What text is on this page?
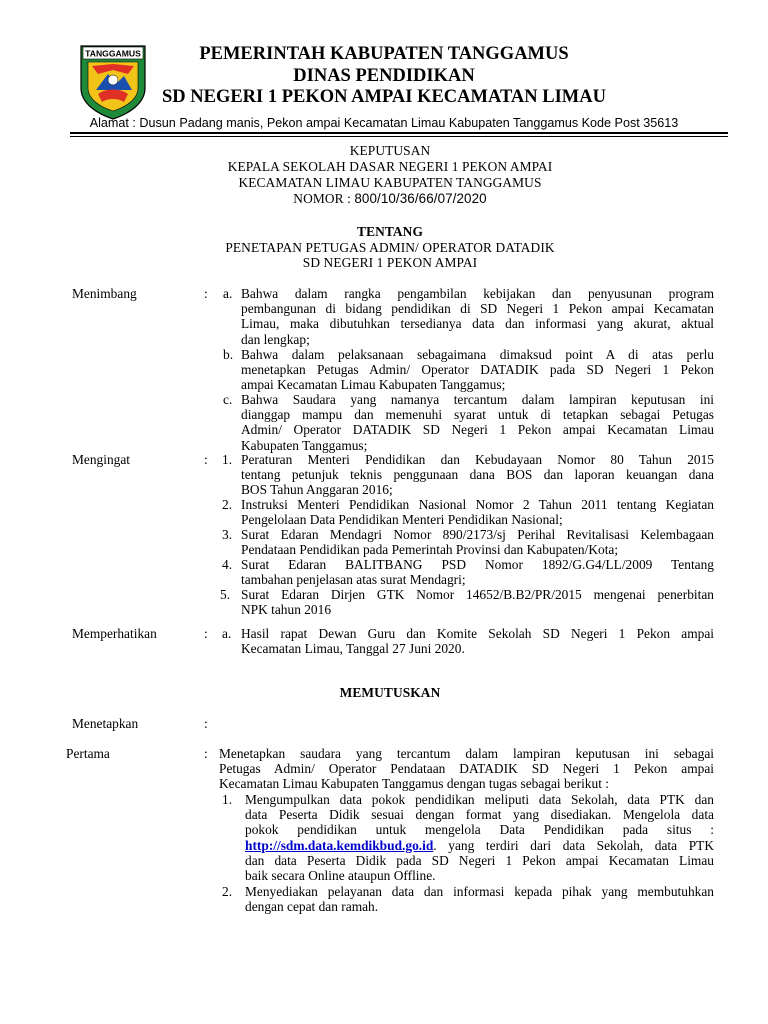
TANGGAMUS	PEMERINTAH KABUPATEN TANGGAMUS
DINAS PENDIDIKAN
SD NEGERI 1 PEKON AMPAI KECAMATAN LIMAU
Alamat : Dusun Padang manis, Pekon ampai Kecamatan Limau Kabupaten Tanggamus Kode Post 35613
KEPUTUSAN
KEPALA SEKOLAH DASAR NEGERI 1 PEKON AMPAI
KECAMATAN LIMAU KABUPATEN TANGGAMUS
NOMOR : 800/10/36/66/07/2020
TENTANG
PENETAPAN PETUGAS ADMIN/ OPERATOR DATADIK
SD NEGERI 1 PEKON AMPAI
Menimbang	: a. Bahwa dalam rangka pengambilan kebijakan dan penyusunan program
pembangunan di bidang pendidikan di SD Negeri 1 Pekon ampai Kecamatan
Limau, maka dibutuhkan tersedianya data dan informasi yang akurat, aktual
dan lengkap;
b. Bahwa dalam pelaksanaan sebagaimana dimaksud point A di atas perlu
menetapkan Petugas Admin/ Operator DATADIK pada SD Negeri 1 Pekon
ampai Kecamatan Limau Kabupaten Tanggamus;
c. Bahwa Saudara yang namanya tercantum dalam lampiran keputusan ini
dianggap mampu dan memenuhi syarat untuk di tetapkan sebagai Petugas
Admin/ Operator DATADIK SD Negeri 1 Pekon ampai Kecamatan Limau
Kabupaten Tanggamus;
Mengingat	: 1. Peraturan Menteri Pendidikan dan Kebudayaan Nomor 80 Tahun 2015
tentang petunjuk teknis penggunaan dana BOS dan laporan keuangan dana
BOS Tahun Anggaran 2016;
2. Instruksi Menteri Pendidikan Nasional Nomor 2 Tahun 2011 tentang Kegiatan
Pengelolaan Data Pendidikan Menteri Pendidikan Nasional;
3. Surat Edaran Mendagri Nomor 890/2173/sj Perihal Revitalisasi Kelembagaan
Pendataan Pendidikan pada Pemerintah Provinsi dan Kabupaten/Kota;
4. Surat Edaran BALITBANG PSD Nomor 1892/G.G4/LL/2009 Tentang
tambahan penjelasan atas surat Mendagri;
5. Surat Edaran Dirjen GTK Nomor 14652/B.B2/PR/2015 mengenai penerbitan
NPK tahun 2016
Memperhatikan	: a. Hasil rapat Dewan Guru dan Komite Sekolah SD Negeri 1 Pekon ampai
Kecamatan Limau, Tanggal 27 Juni 2020.
MEMUTUSKAN
Menetapkan	:
Pertama	: Menetapkan saudara yang tercantum dalam lampiran keputusan ini sebagai
Petugas Admin/ Operator Pendataan DATADIK SD Negeri 1 Pekon ampai
Kecamatan Limau Kabupaten Tanggamus dengan tugas sebagai berikut :
1. Mengumpulkan data pokok pendidikan meliputi data Sekolah, data PTK dan
data Peserta Didik sesuai dengan format yang disediakan. Mengelola data
pokok pendidikan untuk mengelola Data Pendidikan pada situs :
http://sdm.data.kemdikbud.go.id. yang terdiri dari data Sekolah, data PTK
dan data Peserta Didik pada SD Negeri 1 Pekon ampai Kecamatan Limau
baik secara Online ataupun Offline.
2. Menyediakan pelayanan data dan informasi kepada pihak yang membutuhkan
dengan cepat dan ramah.
